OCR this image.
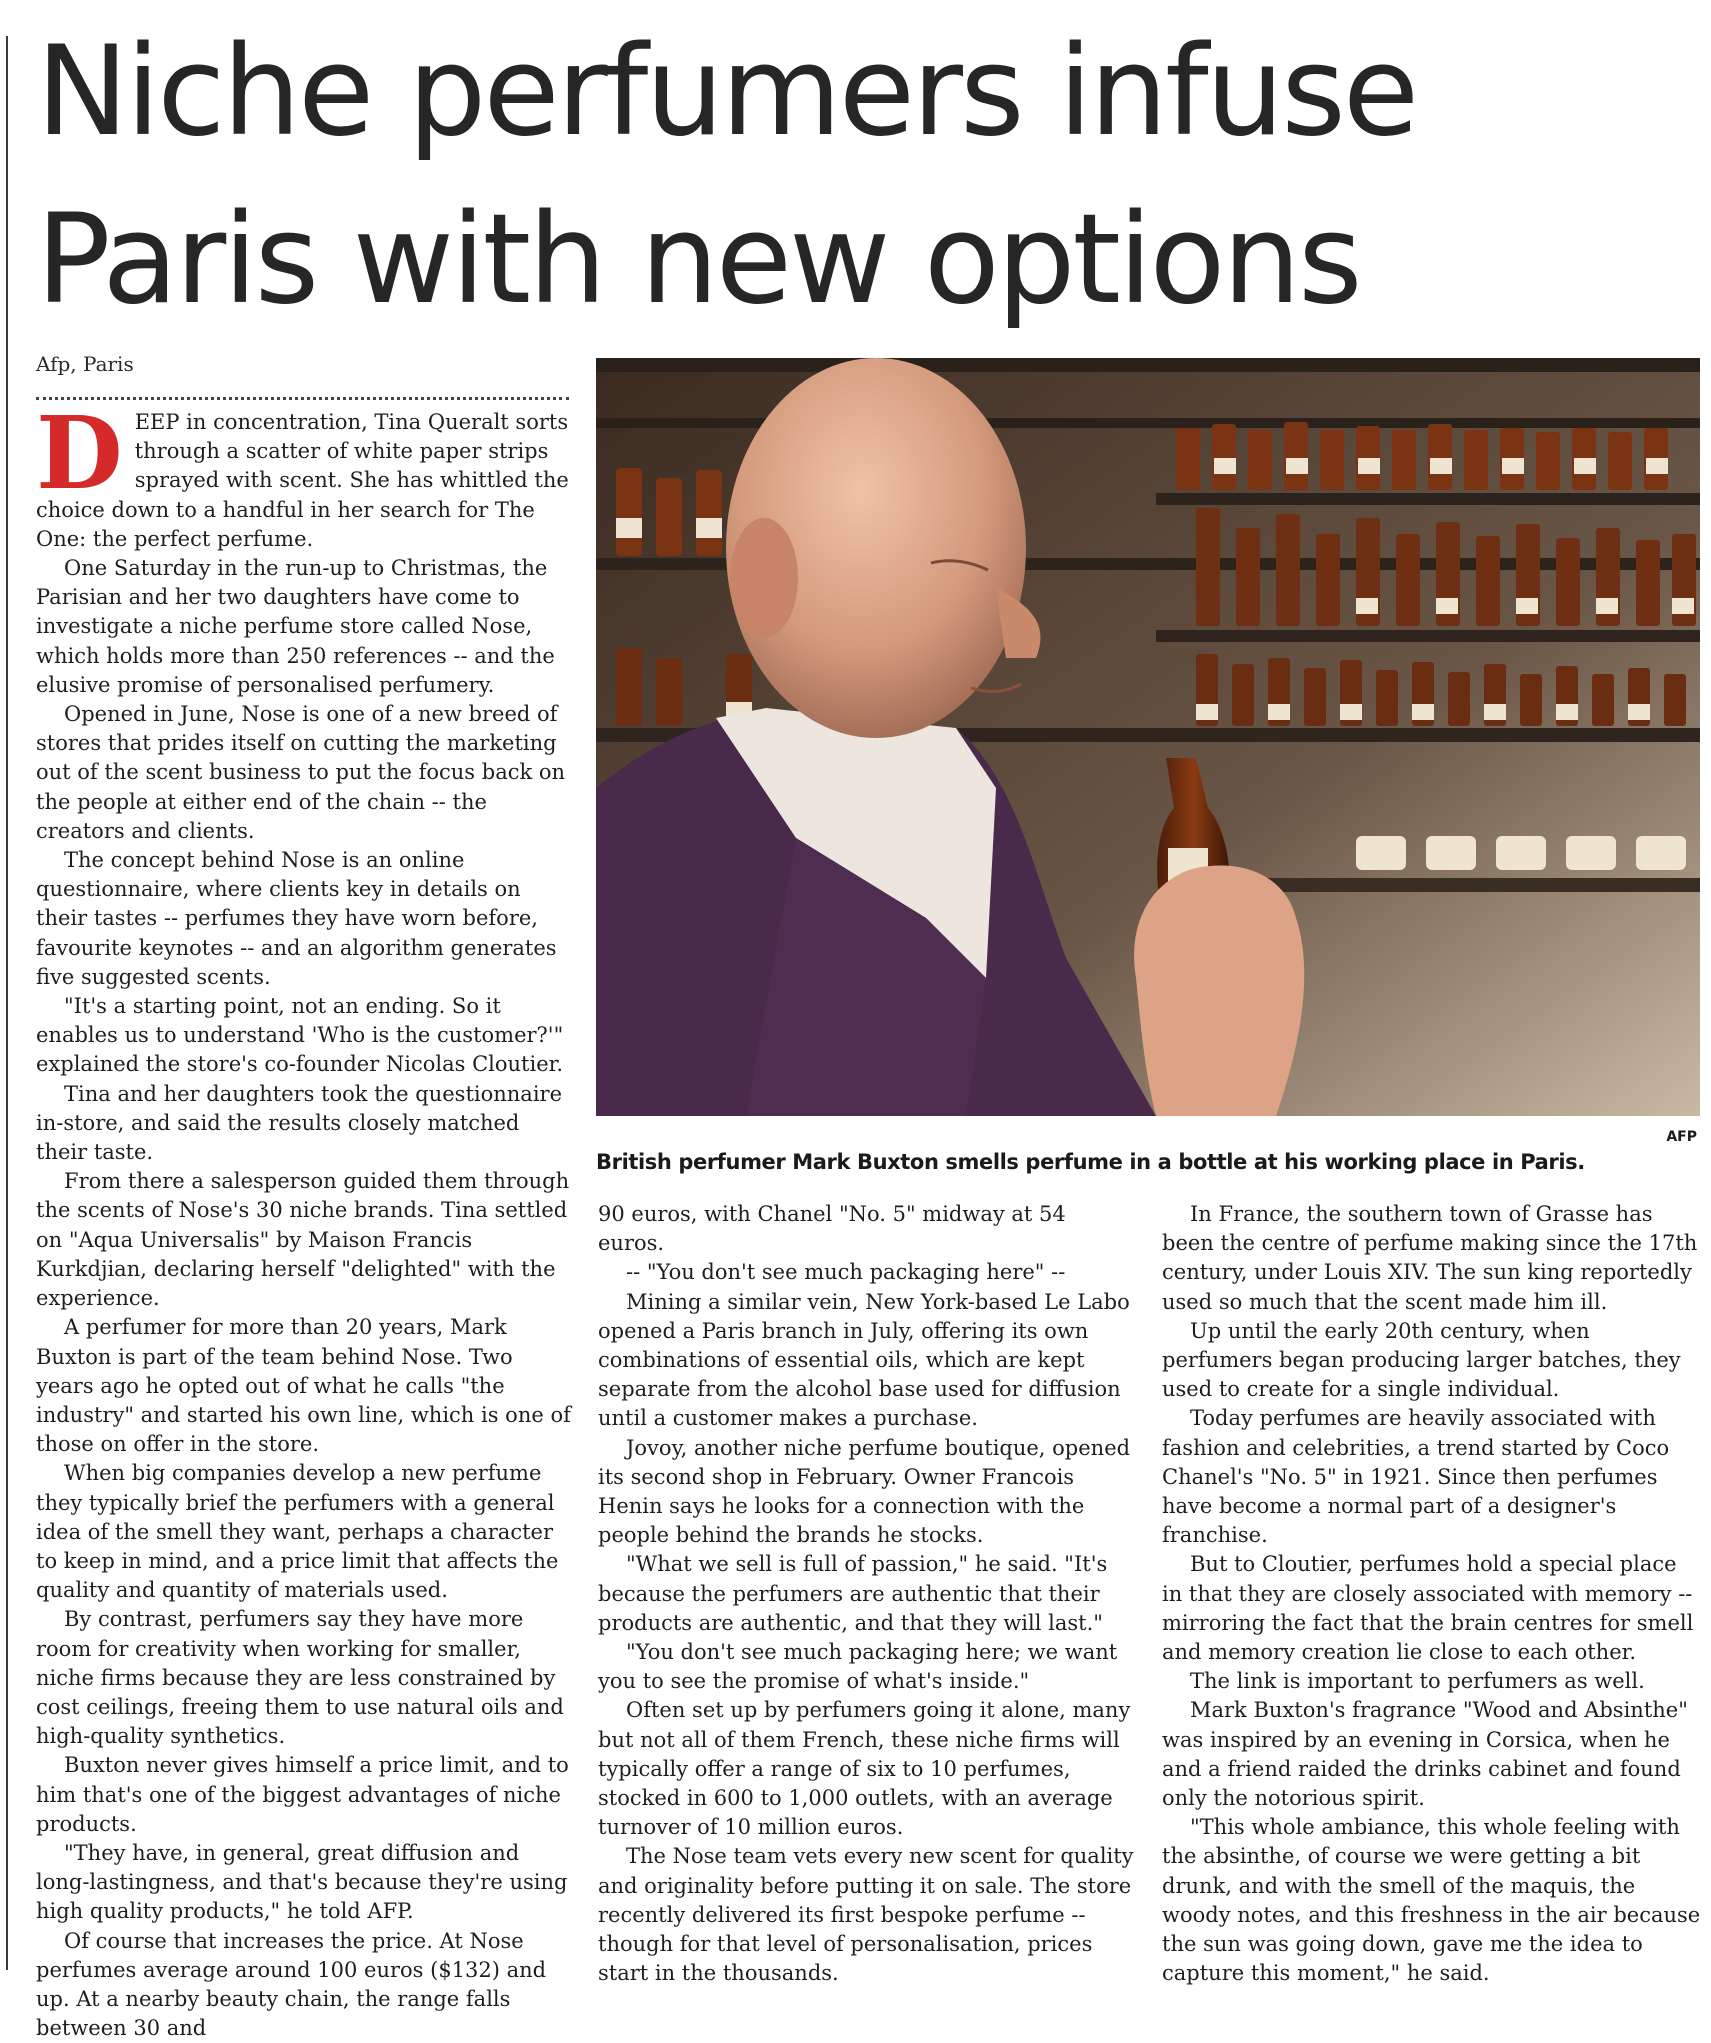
Niche perfumers infuse Paris with new options
Afp, Paris

DEEP in concentration, Tina Queralt sorts through a scatter of white paper strips sprayed with scent. She has whittled the choice down to a handful in her search for The One: the perfect perfume.

One Saturday in the run-up to Christmas, the Parisian and her two daughters have come to investigate a niche perfume store called Nose, which holds more than 250 references -- and the elusive promise of personalised perfumery.

Opened in June, Nose is one of a new breed of stores that prides itself on cutting the marketing out of the scent business to put the focus back on the people at either end of the chain -- the creators and clients.

The concept behind Nose is an online questionnaire, where clients key in details on their tastes -- perfumes they have worn before, favourite keynotes -- and an algorithm generates five suggested scents.

"It's a starting point, not an ending. So it enables us to understand 'Who is the customer?'" explained the store's co-founder Nicolas Cloutier.

Tina and her daughters took the questionnaire in-store, and said the results closely matched their taste.

From there a salesperson guided them through the scents of Nose's 30 niche brands. Tina settled on "Aqua Universalis" by Maison Francis Kurkdjian, declaring herself "delighted" with the experience.

A perfumer for more than 20 years, Mark Buxton is part of the team behind Nose. Two years ago he opted out of what he calls "the industry" and started his own line, which is one of those on offer in the store.

When big companies develop a new perfume they typically brief the perfumers with a general idea of the smell they want, perhaps a character to keep in mind, and a price limit that affects the quality and quantity of materials used.

By contrast, perfumers say they have more room for creativity when working for smaller, niche firms because they are less constrained by cost ceilings, freeing them to use natural oils and high-quality synthetics.

Buxton never gives himself a price limit, and to him that's one of the biggest advantages of niche products.

"They have, in general, great diffusion and long-lastingness, and that's because they're using high quality products," he told AFP.

Of course that increases the price. At Nose perfumes average around 100 euros ($132) and up. At a nearby beauty chain, the range falls between 30 and

AFP
British perfumer Mark Buxton smells perfume in a bottle at his working place in Paris.

90 euros, with Chanel "No. 5" midway at 54 euros.

-- "You don't see much packaging here" --

Mining a similar vein, New York-based Le Labo opened a Paris branch in July, offering its own combinations of essential oils, which are kept separate from the alcohol base used for diffusion until a customer makes a purchase.

Jovoy, another niche perfume boutique, opened its second shop in February. Owner Francois Henin says he looks for a connection with the people behind the brands he stocks.

"What we sell is full of passion," he said. "It's because the perfumers are authentic that their products are authentic, and that they will last."

"You don't see much packaging here; we want you to see the promise of what's inside."

Often set up by perfumers going it alone, many but not all of them French, these niche firms will typically offer a range of six to 10 perfumes, stocked in 600 to 1,000 outlets, with an average turnover of 10 million euros.

The Nose team vets every new scent for quality and originality before putting it on sale. The store recently delivered its first bespoke perfume -- though for that level of personalisation, prices start in the thousands.

In France, the southern town of Grasse has been the centre of perfume making since the 17th century, under Louis XIV. The sun king reportedly used so much that the scent made him ill.

Up until the early 20th century, when perfumers began producing larger batches, they used to create for a single individual.

Today perfumes are heavily associated with fashion and celebrities, a trend started by Coco Chanel's "No. 5" in 1921. Since then perfumes have become a normal part of a designer's franchise.

But to Cloutier, perfumes hold a special place in that they are closely associated with memory -- mirroring the fact that the brain centres for smell and memory creation lie close to each other.

The link is important to perfumers as well.

Mark Buxton's fragrance "Wood and Absinthe" was inspired by an evening in Corsica, when he and a friend raided the drinks cabinet and found only the notorious spirit.

"This whole ambiance, this whole feeling with the absinthe, of course we were getting a bit drunk, and with the smell of the maquis, the woody notes, and this freshness in the air because the sun was going down, gave me the idea to capture this moment," he said.
